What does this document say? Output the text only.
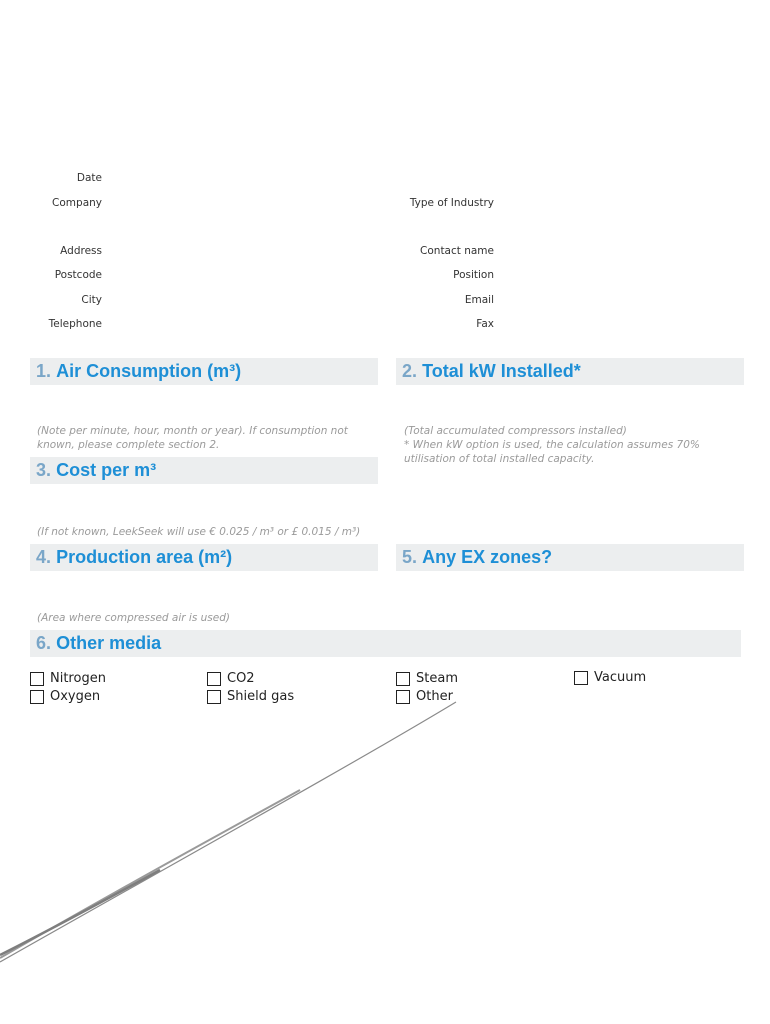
Date
Company
Address
Postcode
City
Telephone
Type of Industry
Contact name
Position
Email
Fax
1. Air Consumption (m³)
(Note per minute, hour, month or year). If consumption not known, please complete section 2.
2. Total kW Installed*
(Total accumulated compressors installed)
* When kW option is used, the calculation assumes 70% utilisation of total installed capacity.
3. Cost per m³
(If not known, LeekSeek will use € 0.025 / m³ or £ 0.015 / m³)
4. Production area (m²)
(Area where compressed air is used)
5. Any EX zones?
6. Other media
Nitrogen
Oxygen
CO2
Shield gas
Steam
Other
Vacuum
